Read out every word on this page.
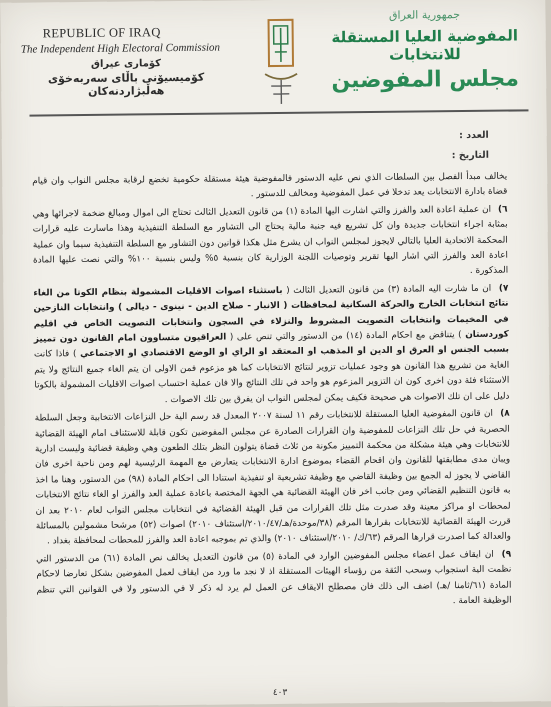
REPUBLIC OF IRAQ
The Independent High Electoral Commission
كۆماری عیراق
کۆمیسیۆنی باڵای سەربەخۆی هەڵبژاردنەکان
جمهورية العراق
المفوضية العليا المستقلة للانتخابات
مجلس المفوضين
العدد :
التاريخ :

يخالف مبدأ الفصل بين السلطات الذي نص عليه الدستور فالمفوضية هيئة مستقلة حكومية تخضع لرقابة مجلس النواب وان قيام قضاة بادارة الانتخابات يعد تدخلا في عمل المفوضية ومخالف للدستور .

٦) ان عملية اعادة العد والفرز والتي اشارت اليها المادة (١) من قانون التعديل الثالث تحتاج الى اموال ومبالغ ضخمة لاجرائها وهي بمثابة اجراء انتخابات جديدة وان كل تشريع فيه جنبة مالية يحتاج الى التشاور مع السلطة التنفيذية وهذا ماسارت عليه قرارات المحكمة الاتحادية العليا بالتالي لايجوز لمجلس النواب ان يشرع مثل هكذا قوانين دون التشاور مع السلطة التنفيذية سيما وان عملية اعادة العد والفرز التي اشار اليها تقرير وتوصيات اللجنة الوزارية كان بنسبة ٥% وليس بنسبة ١٠٠% والتي نصت عليها المادة المذكورة .

٧) ان ما شارت اليه المادة (٣) من قانون التعديل الثالث ( باستثناء اصوات الاقليات المشمولة بنظام الكوتا من الغاء نتائج انتخابات الخارج والحركة السكانية لمحافظات ( الانبار - صلاح الدين - نينوى - ديالى ) وانتخابات النازحين في المخيمات وانتخابات التصويت المشروط والنزلاء في السجون وانتخابات التصويت الخاص في اقليم كوردستان ) يتناقض مع احكام المادة (١٤) من الدستور والتي تنص على ( العراقيون متساوون امام القانون دون تمييز بسبب الجنس او العرق او الدين او المذهب او المعتقد او الراي او الوضع الاقتصادي او الاجتماعي ) فاذا كانت الغاية من تشريع هذا القانون هو وجود عمليات تزوير لنتائج الانتخابات كما هو مزعوم فمن الاولى ان يتم الغاء جميع النتائج ولا يتم الاستثناء فئة دون اخرى كون ان التزوير المزعوم هو واحد في تلك النتائج والا فان عملية احتساب اصوات الاقليات المشمولة بالكوتا دليل على ان تلك الاصوات هي صحيحة فكيف يمكن لمجلس النواب ان يفرق بين تلك الاصوات .

٨) ان قانون المفوضية العليا المستقلة للانتخابات رقم ١١ لسنة ٢٠٠٧ المعدل قد رسم الية حل النزاعات الانتخابية وجعل السلطة الحصرية في حل تلك النزاعات للمفوضية وان القرارات الصادرة عن مجلس المفوضين تكون قابلة للاستئناف امام الهيئة القضائية للانتخابات وهي هيئة مشكلة من محكمة التمييز مكونة من ثلاث قضاة يتولون النظر بتلك الطعون وهي وظيفة قضائية وليست ادارية ويبان مدى مطابقتها للقانون وان اقحام القضاء بموضوع ادارة الانتخابات يتعارض مع المهمة الرئيسية لهم ومن ناحية اخرى فان القاضي لا يجوز له الجمع بين وظيفة القاضي مع وظيفة تشريعية او تنفيذية استنادا الى احكام المادة (٩٨) من الدستور، وهنا ما اخذ به قانون التنظيم القضائي ومن جانب اخر فان الهيئة القضائية هي الجهة المختصة باعادة عملية العد والفرز او الغاء نتائج الانتخابات لمحطات او مراكز معينة وقد صدرت مثل تلك القرارات من قبل الهيئة القضائية في انتخابات مجلس النواب لعام ٢٠١٠ بعد ان قررت الهيئة القضائية للانتخابات بقرارها المرقم (٣٨/موحدة/هـ/٢٠١٠/٤٧/استئناف ٢٠١٠) اصوات (٥٢) مرشحا مشمولين بالمسائلة والعدالة كما اصدرت قرارها المرقم (٦٣/ك/ ٢٠١٠/استئناف ٢٠١٠) والذي تم بموجبه اعادة العد والفرز للمحطات لمحافظة بغداد .

٩) ان ايقاف عمل اعضاء مجلس المفوضين الوارد في المادة (٥) من قانون التعديل يخالف نص المادة (٦١) من الدستور التي نظمت الية استجواب وسحب الثقة من رؤساء الهيئات المستقلة اذ لا نجد ما ورد من ايقاف لعمل المفوضين بشكل تعارضا لاحكام المادة (٦١/ثامنا /هـ) اضف الى ذلك فان مصطلح الايقاف عن العمل لم يرد له ذكر لا في الدستور ولا في القوانين التي تنظم الوظيفة العامة .

٤٠٣
